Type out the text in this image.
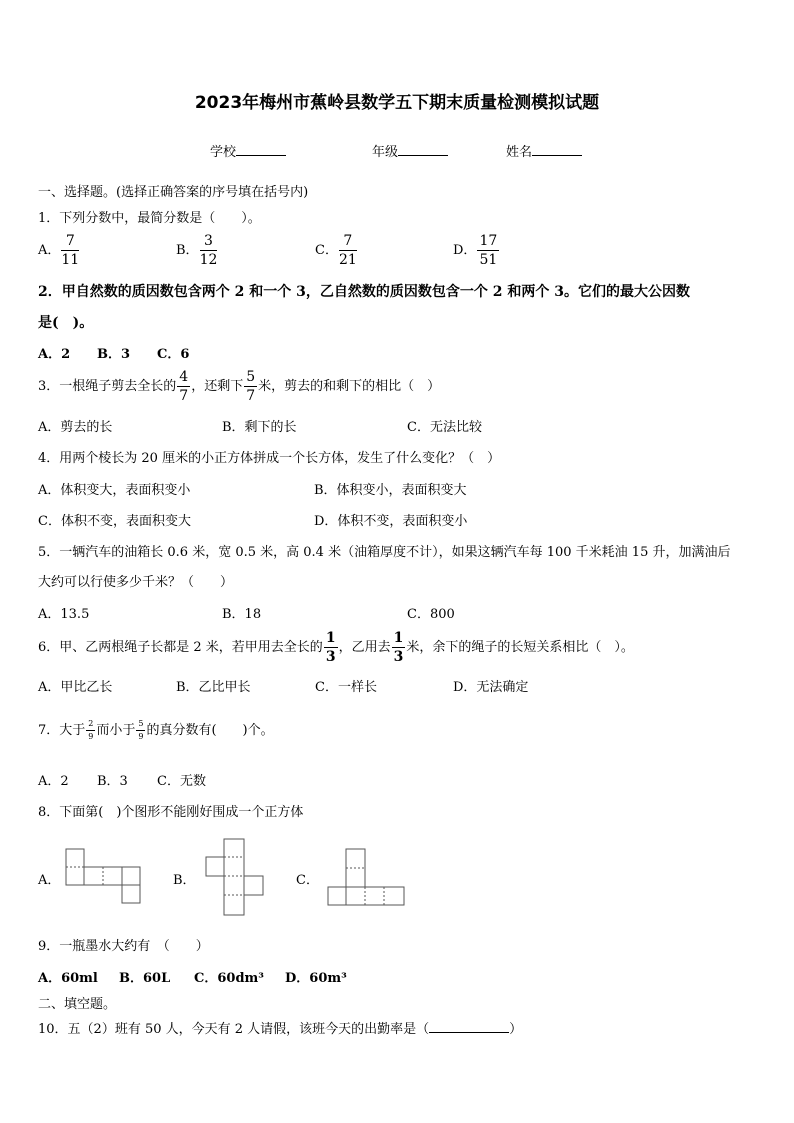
2023年梅州市蕉岭县数学五下期末质量检测模拟试题
学校	年级	姓名
一、选择题。(选择正确答案的序号填在括号内)
1．下列分数中，最简分数是（　　）。
A． $\frac{7}{11}$	B． $\frac{3}{12}$	C． $\frac{7}{21}$	D． $\frac{17}{51}$
2．甲自然数的质因数包含两个 2 和一个 3，乙自然数的质因数包含一个 2 和两个 3。它们的最大公因数
是(　)。
A．2 B．3 C．6
3．一根绳子剪去全长的 $\frac{4}{7}$ ，还剩下 $\frac{5}{7}$ 米，剪去的和剩下的相比（　）
A．剪去的长	B．剩下的长	C．无法比较
4．用两个棱长为 20 厘米的小正方体拼成一个长方体，发生了什么变化？（　）
A．体积变大，表面积变小	B．体积变小，表面积变大
C．体积不变，表面积变大	D．体积不变，表面积变小
5．一辆汽车的油箱长 0.6 米，宽 0.5 米，高 0.4 米（油箱厚度不计），如果这辆汽车每 100 千米耗油 15 升，加满油后
大约可以行使多少千米？（　　）
A．13.5	B．18	C．800
6．甲、乙两根绳子长都是 2 米，若甲用去全长的 $\frac{1}{3}$ ，乙用去 $\frac{1}{3}$ 米，余下的绳子的长短关系相比（　）。
A．甲比乙长	B．乙比甲长	C．一样长	D．无法确定
7．大于 $\frac{2}{9}$ 而小于 $\frac{5}{9}$ 的真分数有(　　)个。
A．2 B．3 C．无数
8．下面第(　)个图形不能刚好围成一个正方体
A．	B．	C．
9．一瓶墨水大约有　（　　）
A．60ml B．60L C．60dm³ D．60m³
二、填空题。
10．五（2）班有 50 人，今天有 2 人请假，该班今天的出勤率是（	）
